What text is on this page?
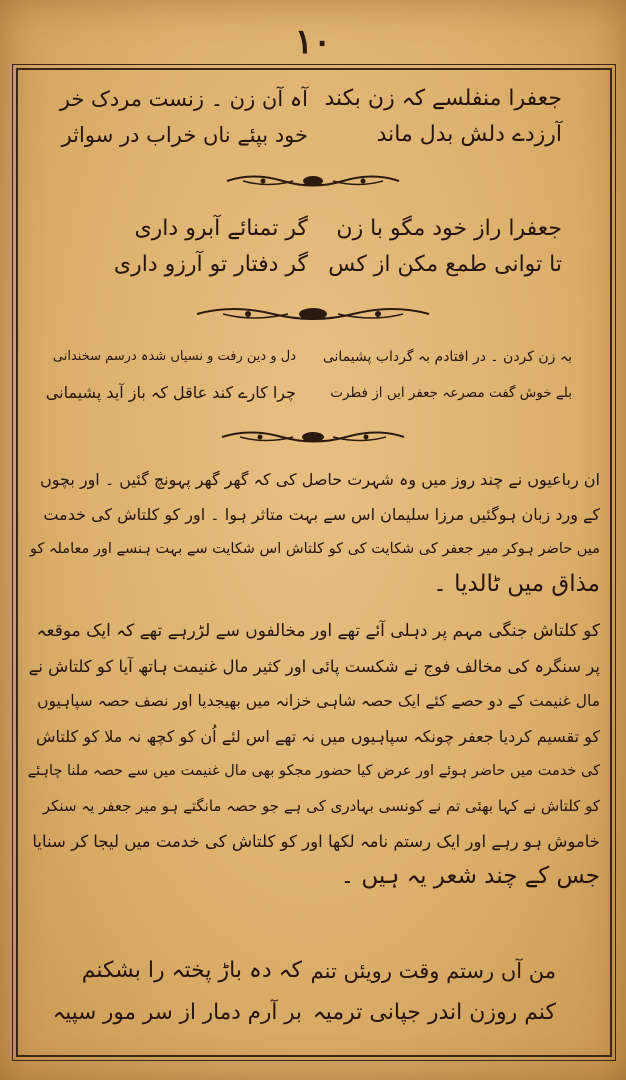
۱۰
جعفرا منفلسے کہ زن بکند
آہ آن زن ۔ زنست مردک خر
آرزدے دلش بدل ماند
خود بپئے ناں خراب در سواثر
جعفرا راز خود مگو با زن
گر تمنائے آبرو داری
تا توانی طمع مکن از کس
گر دفتار تو آرزو داری
بہ زن کردن ۔ در افتادم بہ گرداب پشیمانی
دل و دین رفت و نسیاں شدہ درسم سخندانی
بلے خوش گفت مصرعہ جعفر ایں از فطرت
چرا کارے کند عاقل کہ باز آید پشیمانی
ان رباعیوں نے چند روز میں وہ شہرت حاصل کی کہ گھر گھر پہونچ گئیں ۔ اور بچوں
کے ورد زبان ہوگئیں مرزا سلیمان اس سے بہت متاثر ہوا ۔ اور کو کلتاش کی خدمت
میں حاضر ہوکر میر جعفر کی شکایت کی کو کلتاش اس شکایت سے بہت ہنسے اور معاملہ کو
مذاق میں ٹالدیا ۔
کو کلتاش جنگی مہم پر دہلی آئے تھے اور مخالفوں سے لڑرہے تھے کہ ایک موقعہ
پر سنگرہ کی مخالف فوج نے شکست پائی اور کثیر مال غنیمت ہاتھ آیا کو کلتاش نے
مال غنیمت کے دو حصے کئے ایک حصہ شاہی خزانہ میں بھیجدیا اور نصف حصہ سپاہیوں
کو تقسیم کردیا جعفر چونکہ سپاہیوں میں نہ تھے اس لئے اُن کو کچھ نہ ملا کو کلتاش
کی خدمت میں حاضر ہوئے اور عرض کیا حضور مجکو بھی مال غنیمت میں سے حصہ ملنا چاہئے
کو کلتاش نے کہا بھئی تم نے کونسی بہادری کی ہے جو حصہ مانگتے ہو میر جعفر یہ سنکر
خاموش ہو رہے اور ایک رستم نامہ لکھا اور کو کلتاش کی خدمت میں لیجا کر سنایا
جس کے چند شعر یہ ہیں ۔
من آں رستم وقت رویئں تنم
کہ دہ باڑ پختہ را بشکنم
کنم روزن اندر جپانی ترمیہ
بر آرم دمار از سر مور سپیہ
